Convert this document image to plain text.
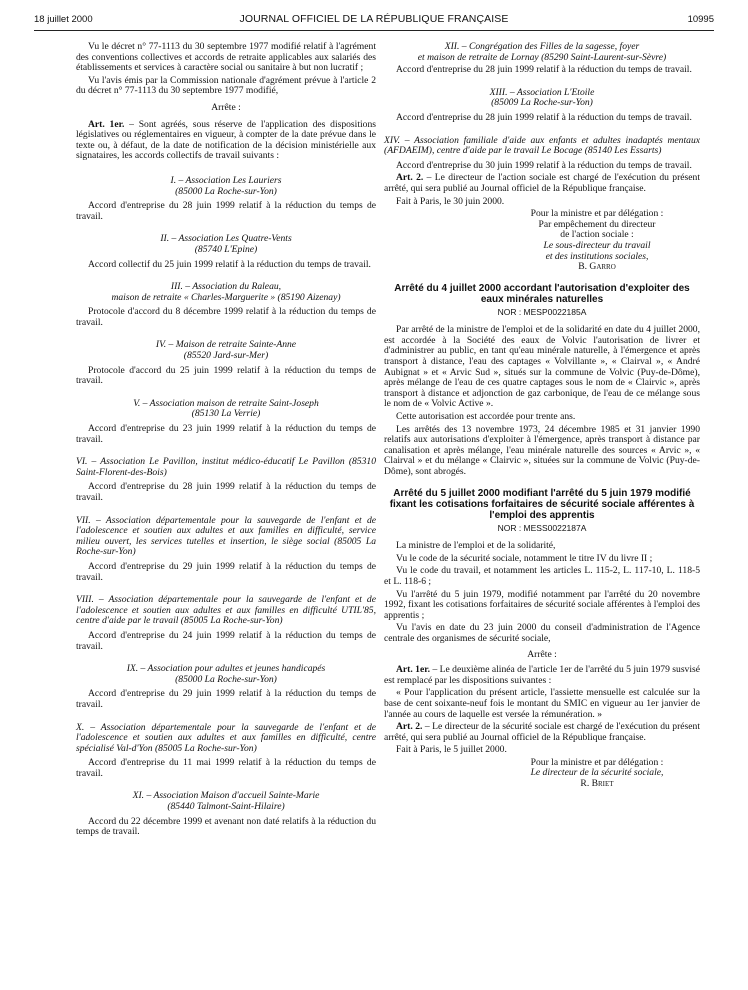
18 juillet 2000	JOURNAL OFFICIEL DE LA RÉPUBLIQUE FRANÇAISE	10995

Vu le décret n° 77-1113 du 30 septembre 1977 modifié relatif à l'agrément des conventions collectives et accords de retraite applicables aux salariés des établissements et services à caractère social ou sanitaire à but non lucratif ;

Vu l'avis émis par la Commission nationale d'agrément prévue à l'article 2 du décret n° 77-1113 du 30 septembre 1977 modifié,

Arrête :

Art. 1er. – Sont agréés, sous réserve de l'application des dispositions législatives ou réglementaires en vigueur, à compter de la date prévue dans le texte ou, à défaut, de la date de notification de la décision ministérielle aux signataires, les accords collectifs de travail suivants :

I. – Association Les Lauriers
(85000 La Roche-sur-Yon)

Accord d'entreprise du 28 juin 1999 relatif à la réduction du temps de travail.

II. – Association Les Quatre-Vents
(85740 L'Epine)

Accord collectif du 25 juin 1999 relatif à la réduction du temps de travail.

III. – Association du Raleau,
maison de retraite « Charles-Marguerite » (85190 Aizenay)

Protocole d'accord du 8 décembre 1999 relatif à la réduction du temps de travail.

IV. – Maison de retraite Sainte-Anne
(85520 Jard-sur-Mer)

Protocole d'accord du 25 juin 1999 relatif à la réduction du temps de travail.

V. – Association maison de retraite Saint-Joseph
(85130 La Verrie)

Accord d'entreprise du 23 juin 1999 relatif à la réduction du temps de travail.

VI. – Association Le Pavillon, institut médico-éducatif Le Pavillon (85310 Saint-Florent-des-Bois)

Accord d'entreprise du 28 juin 1999 relatif à la réduction du temps de travail.

VII. – Association départementale pour la sauvegarde de l'enfant et de l'adolescence et soutien aux adultes et aux familles en difficulté, service milieu ouvert, les services tutelles et insertion, le siège social (85005 La Roche-sur-Yon)

Accord d'entreprise du 29 juin 1999 relatif à la réduction du temps de travail.

VIII. – Association départementale pour la sauvegarde de l'enfant et de l'adolescence et soutien aux adultes et aux familles en difficulté UTIL'85, centre d'aide par le travail (85005 La Roche-sur-Yon)

Accord d'entreprise du 24 juin 1999 relatif à la réduction du temps de travail.

IX. – Association pour adultes et jeunes handicapés
(85000 La Roche-sur-Yon)

Accord d'entreprise du 29 juin 1999 relatif à la réduction du temps de travail.

X. – Association départementale pour la sauvegarde de l'enfant et de l'adolescence et soutien aux adultes et aux familles en difficulté, centre spécialisé Val-d'Yon (85005 La Roche-sur-Yon)

Accord d'entreprise du 11 mai 1999 relatif à la réduction du temps de travail.

XI. – Association Maison d'accueil Sainte-Marie
(85440 Talmont-Saint-Hilaire)

Accord du 22 décembre 1999 et avenant non daté relatifs à la réduction du temps de travail.

XII. – Congrégation des Filles de la sagesse, foyer
et maison de retraite de Lornay (85290 Saint-Laurent-sur-Sèvre)

Accord d'entreprise du 28 juin 1999 relatif à la réduction du temps de travail.

XIII. – Association L'Etoile
(85009 La Roche-sur-Yon)

Accord d'entreprise du 28 juin 1999 relatif à la réduction du temps de travail.

XIV. – Association familiale d'aide aux enfants et adultes inadaptés mentaux (AFDAEIM), centre d'aide par le travail Le Bocage (85140 Les Essarts)

Accord d'entreprise du 30 juin 1999 relatif à la réduction du temps de travail.

Art. 2. – Le directeur de l'action sociale est chargé de l'exécution du présent arrêté, qui sera publié au Journal officiel de la République française.

Fait à Paris, le 30 juin 2000.

Pour la ministre et par délégation :

Par empêchement du directeur

de l'action sociale :

Le sous-directeur du travail

et des institutions sociales,

B. Garro

Arrêté du 4 juillet 2000 accordant l'autorisation d'exploiter des eaux minérales naturelles

NOR : MESP0022185A

Par arrêté de la ministre de l'emploi et de la solidarité en date du 4 juillet 2000, est accordée à la Société des eaux de Volvic l'autorisation de livrer et d'administrer au public, en tant qu'eau minérale naturelle, à l'émergence et après transport à distance, l'eau des captages « Volvillante », « Clairval », « André Aubignat » et « Arvic Sud », situés sur la commune de Volvic (Puy-de-Dôme), après mélange de l'eau de ces quatre captages sous le nom de « Clairvic », après transport à distance et adjonction de gaz carbonique, de l'eau de ce mélange sous le nom de « Volvic Active ».

Cette autorisation est accordée pour trente ans.

Les arrêtés des 13 novembre 1973, 24 décembre 1985 et 31 janvier 1990 relatifs aux autorisations d'exploiter à l'émergence, après transport à distance par canalisation et après mélange, l'eau minérale naturelle des sources « Arvic », « Clairval » et du mélange « Clairvic », situées sur la commune de Volvic (Puy-de-Dôme), sont abrogés.

Arrêté du 5 juillet 2000 modifiant l'arrêté du 5 juin 1979 modifié fixant les cotisations forfaitaires de sécurité sociale afférentes à l'emploi des apprentis

NOR : MESS0022187A

La ministre de l'emploi et de la solidarité,

Vu le code de la sécurité sociale, notamment le titre IV du livre II ;

Vu le code du travail, et notamment les articles L. 115-2, L. 117-10, L. 118-5 et L. 118-6 ;

Vu l'arrêté du 5 juin 1979, modifié notamment par l'arrêté du 20 novembre 1992, fixant les cotisations forfaitaires de sécurité sociale afférentes à l'emploi des apprentis ;

Vu l'avis en date du 23 juin 2000 du conseil d'administration de l'Agence centrale des organismes de sécurité sociale,

Arrête :

Art. 1er. – Le deuxième alinéa de l'article 1er de l'arrêté du 5 juin 1979 susvisé est remplacé par les dispositions suivantes :

« Pour l'application du présent article, l'assiette mensuelle est calculée sur la base de cent soixante-neuf fois le montant du SMIC en vigueur au 1er janvier de l'année au cours de laquelle est versée la rémunération. »

Art. 2. – Le directeur de la sécurité sociale est chargé de l'exécution du présent arrêté, qui sera publié au Journal officiel de la République française.

Fait à Paris, le 5 juillet 2000.

Pour la ministre et par délégation :

Le directeur de la sécurité sociale,

R. Briet
